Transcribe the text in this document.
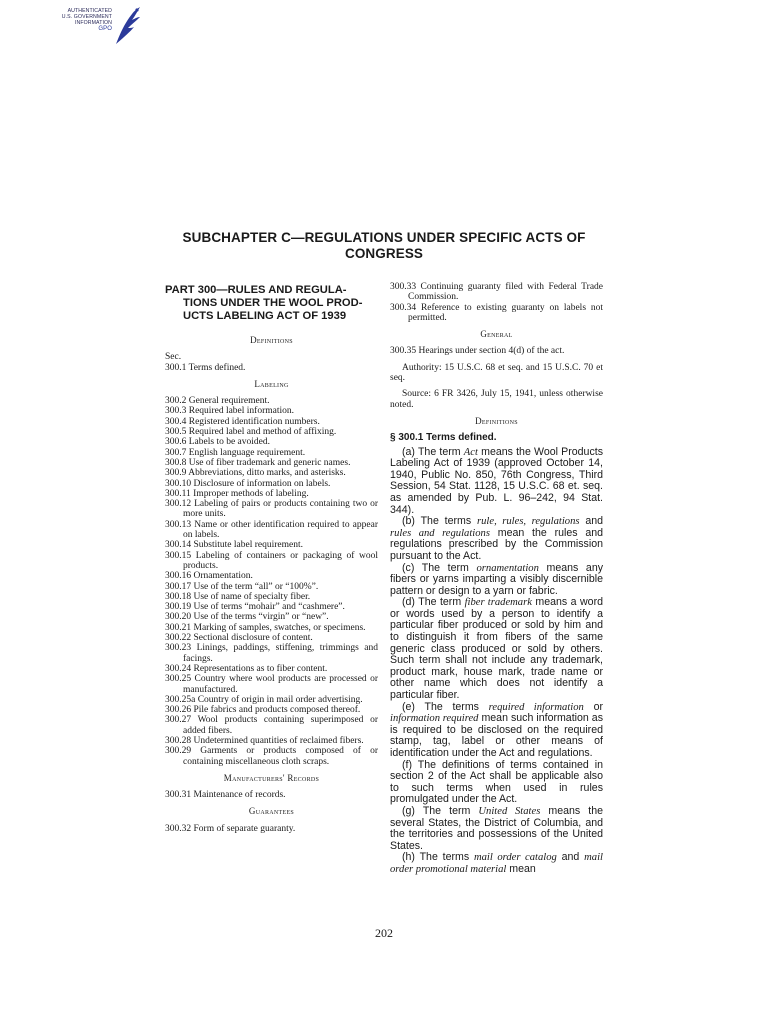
AUTHENTICATED
U.S. GOVERNMENT
INFORMATION
GPO
SUBCHAPTER C—REGULATIONS UNDER SPECIFIC ACTS OF CONGRESS
PART 300—RULES AND REGULA-
TIONS UNDER THE WOOL PROD-
UCTS LABELING ACT OF 1939
Definitions
Sec.
300.1 Terms defined.
Labeling
300.2 General requirement.
300.3 Required label information.
300.4 Registered identification numbers.
300.5 Required label and method of affixing.
300.6 Labels to be avoided.
300.7 English language requirement.
300.8 Use of fiber trademark and generic names.
300.9 Abbreviations, ditto marks, and asterisks.
300.10 Disclosure of information on labels.
300.11 Improper methods of labeling.
300.12 Labeling of pairs or products containing two or more units.
300.13 Name or other identification required to appear on labels.
300.14 Substitute label requirement.
300.15 Labeling of containers or packaging of wool products.
300.16 Ornamentation.
300.17 Use of the term “all” or “100%”.
300.18 Use of name of specialty fiber.
300.19 Use of terms “mohair” and “cashmere”.
300.20 Use of the terms “virgin” or “new”.
300.21 Marking of samples, swatches, or specimens.
300.22 Sectional disclosure of content.
300.23 Linings, paddings, stiffening, trimmings and facings.
300.24 Representations as to fiber content.
300.25 Country where wool products are processed or manufactured.
300.25a Country of origin in mail order advertising.
300.26 Pile fabrics and products composed thereof.
300.27 Wool products containing superimposed or added fibers.
300.28 Undetermined quantities of reclaimed fibers.
300.29 Garments or products composed of or containing miscellaneous cloth scraps.
Manufacturers' Records
300.31 Maintenance of records.
Guarantees
300.32 Form of separate guaranty.
300.33 Continuing guaranty filed with Federal Trade Commission.
300.34 Reference to existing guaranty on labels not permitted.
General
300.35 Hearings under section 4(d) of the act.
Authority: 15 U.S.C. 68 et seq. and 15 U.S.C. 70 et seq.
Source: 6 FR 3426, July 15, 1941, unless otherwise noted.
Definitions
§ 300.1 Terms defined.

(a) The term Act means the Wool Products Labeling Act of 1939 (approved October 14, 1940, Public No. 850, 76th Congress, Third Session, 54 Stat. 1128, 15 U.S.C. 68 et. seq. as amended by Pub. L. 96–242, 94 Stat. 344).

(b) The terms rule, rules, regulations and rules and regulations mean the rules and regulations prescribed by the Commission pursuant to the Act.

(c) The term ornamentation means any fibers or yarns imparting a visibly discernible pattern or design to a yarn or fabric.

(d) The term fiber trademark means a word or words used by a person to identify a particular fiber produced or sold by him and to distinguish it from fibers of the same generic class produced or sold by others. Such term shall not include any trademark, product mark, house mark, trade name or other name which does not identify a particular fiber.

(e) The terms required information or information required mean such information as is required to be disclosed on the required stamp, tag, label or other means of identification under the Act and regulations.

(f) The definitions of terms contained in section 2 of the Act shall be applicable also to such terms when used in rules promulgated under the Act.

(g) The term United States means the several States, the District of Columbia, and the territories and possessions of the United States.

(h) The terms mail order catalog and mail order promotional material mean

202
